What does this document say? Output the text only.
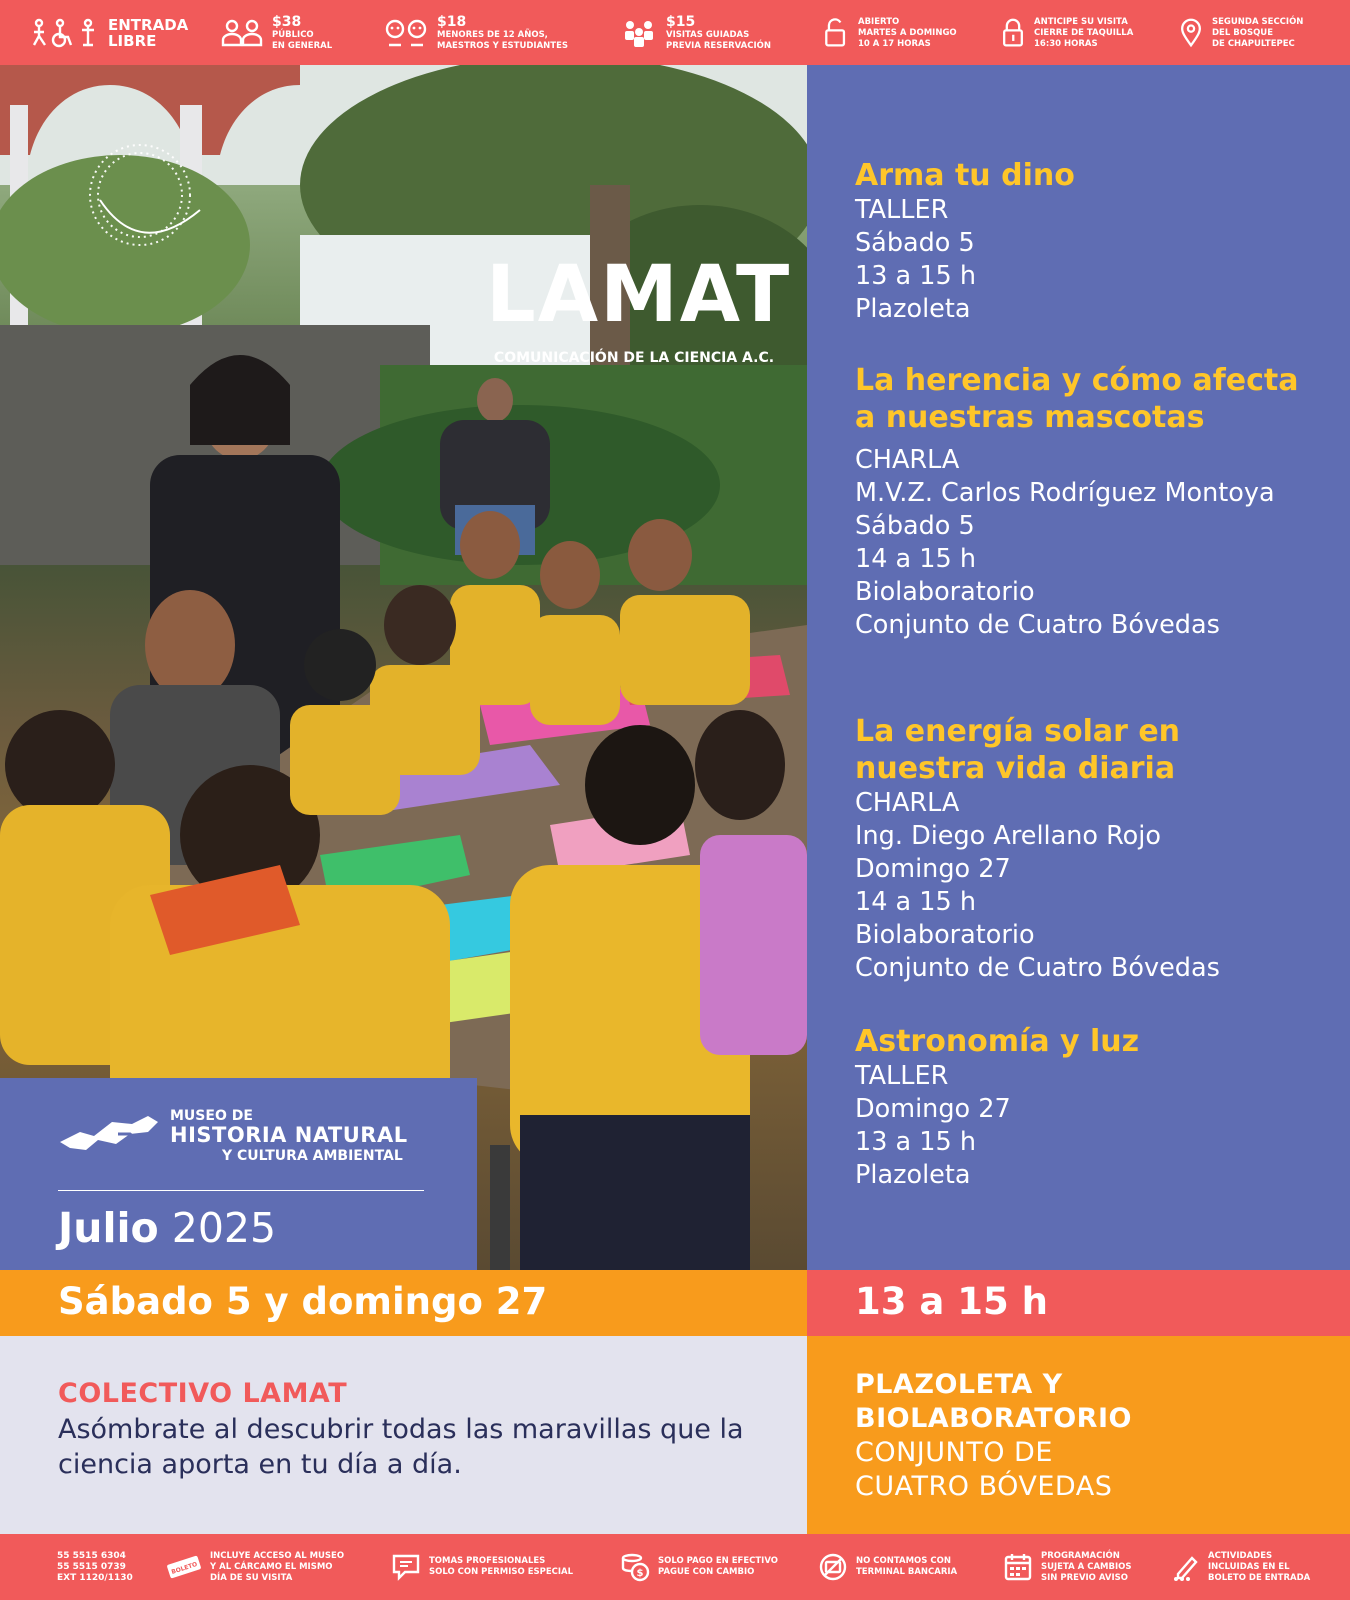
ENTRADA
LIBRE
$38
PÚBLICO
EN GENERAL
$18
MENORES DE 12 AÑOS,
MAESTROS Y ESTUDIANTES
$15
VISITAS GUIADAS
PREVIA RESERVACIÓN
ABIERTO
MARTES A DOMINGO
10 A 17 HORAS
ANTICIPE SU VISITA
CIERRE DE TAQUILLA
16:30 HORAS
SEGUNDA SECCIÓN
DEL BOSQUE
DE CHAPULTEPEC
LAMAT
COMUNICACIÓN DE LA CIENCIA A.C.
MUSEO DE
HISTORIA NATURAL
Y CULTURA AMBIENTAL
Julio 2025
Arma tu dino
TALLER
Sábado 5
13 a 15 h
Plazoleta
La herencia y cómo afecta
a nuestras mascotas
CHARLA
M.V.Z. Carlos Rodríguez Montoya
Sábado 5
14 a 15 h
Biolaboratorio
Conjunto de Cuatro Bóvedas
La energía solar en
nuestra vida diaria
CHARLA
Ing. Diego Arellano Rojo
Domingo 27
14 a 15 h
Biolaboratorio
Conjunto de Cuatro Bóvedas
Astronomía y luz
TALLER
Domingo 27
13 a 15 h
Plazoleta
Sábado 5 y domingo 27	13 a 15 h
COLECTIVO LAMAT
Asómbrate al descubrir todas las maravillas que la ciencia aporta en tu día a día.
PLAZOLETA Y
BIOLABORATORIO
CONJUNTO DE
CUATRO BÓVEDAS
55 5515 6304
55 5515 0739
EXT 1120/1130
BOLETO
INCLUYE ACCESO AL MUSEO
Y AL CÁRCAMO EL MISMO
DÍA DE SU VISITA
TOMAS PROFESIONALES
SOLO CON PERMISO ESPECIAL	$
SOLO PAGO EN EFECTIVO
PAGUE CON CAMBIO
NO CONTAMOS CON
TERMINAL BANCARIA
PROGRAMACIÓN
SUJETA A CAMBIOS
SIN PREVIO AVISO
ACTIVIDADES
INCLUIDAS EN EL
BOLETO DE ENTRADA
